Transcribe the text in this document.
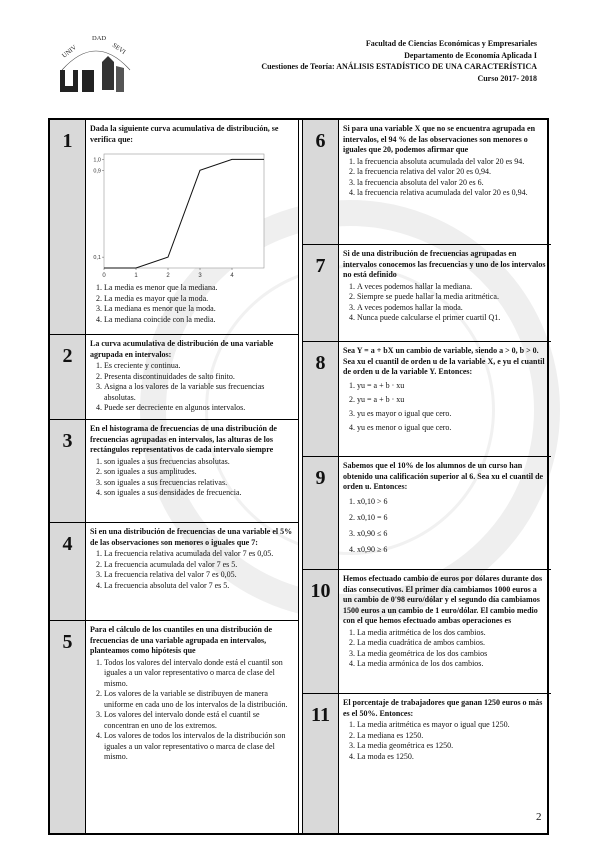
UNIV
DAD
SEVI	Facultad de Ciencias Económicas y Empresariales
Departamento de Economía Aplicada I
Cuestiones de Teoría: ANÁLISIS ESTADÍSTICO DE UNA CARACTERÍSTICA
Curso 2017- 2018
1
Dada la siguiente curva acumulativa de distribución, se verifica que:
0	1	2	3	4
0,1
0,9
1,0
1. La media es menor que la mediana.
2. La media es mayor que la moda.
3. La mediana es menor que la moda.
4. La mediana coincide con la media.
2
La curva acumulativa de distribución de una variable agrupada en intervalos:
1. Es creciente y continua.
2. Presenta discontinuidades de salto finito.
3. Asigna a los valores de la variable sus frecuencias absolutas.
4. Puede ser decreciente en algunos intervalos.
3
En el histograma de frecuencias de una distribución de frecuencias agrupadas en intervalos, las alturas de los rectángulos representativos de cada intervalo siempre
1. son iguales a sus frecuencias absolutas.
2. son iguales a sus amplitudes.
3. son iguales a sus frecuencias relativas.
4. son iguales a sus densidades de frecuencia.
4
Si en una distribución de frecuencias de una variable el 5% de las observaciones son menores o iguales que 7:
1. La frecuencia relativa acumulada del valor 7 es 0,05.
2. La frecuencia acumulada del valor 7 es 5.
3. La frecuencia relativa del valor 7 es 0,05.
4. La frecuencia absoluta del valor 7 es 5.
5
Para el cálculo de los cuantiles en una distribución de frecuencias de una variable agrupada en intervalos, planteamos como hipótesis que
1. Todos los valores del intervalo donde está el cuantil son iguales a un valor representativo o marca de clase del mismo.
2. Los valores de la variable se distribuyen de manera uniforme en cada uno de los intervalos de la distribución.
3. Los valores del intervalo donde está el cuantil se concentran en uno de los extremos.
4. Los valores de todos los intervalos de la distribución son iguales a un valor representativo o marca de clase del mismo.
6
Si para una variable X que no se encuentra agrupada en intervalos, el 94 % de las observaciones son menores o iguales que 20, podemos afirmar que
1. la frecuencia absoluta acumulada del valor 20 es 94.
2. la frecuencia relativa del valor 20 es 0,94.
3. la frecuencia absoluta del valor 20 es 6.
4. la frecuencia relativa acumulada del valor 20 es 0,94.
7
Si de una distribución de frecuencias agrupadas en intervalos conocemos las frecuencias y uno de los intervalos no está definido
1. A veces podemos hallar la mediana.
2. Siempre se puede hallar la media aritmética.
3. A veces podemos hallar la moda.
4. Nunca puede calcularse el primer cuartil Q1.
8
Sea Y = a + bX un cambio de variable, siendo a > 0, b > 0. Sea xu el cuantil de orden u de la variable X, e yu el cuantil de orden u de la variable Y. Entonces:
1. yu = a + b · xu
2. yu = a + b · xu
3. yu es mayor o igual que cero.
4. yu es menor o igual que cero.
9
Sabemos que el 10% de los alumnos de un curso han obtenido una calificación superior al 6. Sea xu el cuantil de orden u. Entonces:
1. x0,10 > 6
2. x0,10 = 6
3. x0,90 ≤ 6
4. x0,90 ≥ 6
10
Hemos efectuado cambio de euros por dólares durante dos días consecutivos. El primer día cambiamos 1000 euros a un cambio de 0'98 euro/dólar y el segundo día cambiamos 1500 euros a un cambio de 1 euro/dólar. El cambio medio con el que hemos efectuado ambas operaciones es
1. La media aritmética de los dos cambios.
2. La media cuadrática de ambos cambios.
3. La media geométrica de los dos cambios
4. La media armónica de los dos cambios.
11
El porcentaje de trabajadores que ganan 1250 euros o más es el 50%. Entonces:
1. La media aritmética es mayor o igual que 1250.
2. La mediana es 1250.
3. La media geométrica es 1250.
4. La moda es 1250.
2
